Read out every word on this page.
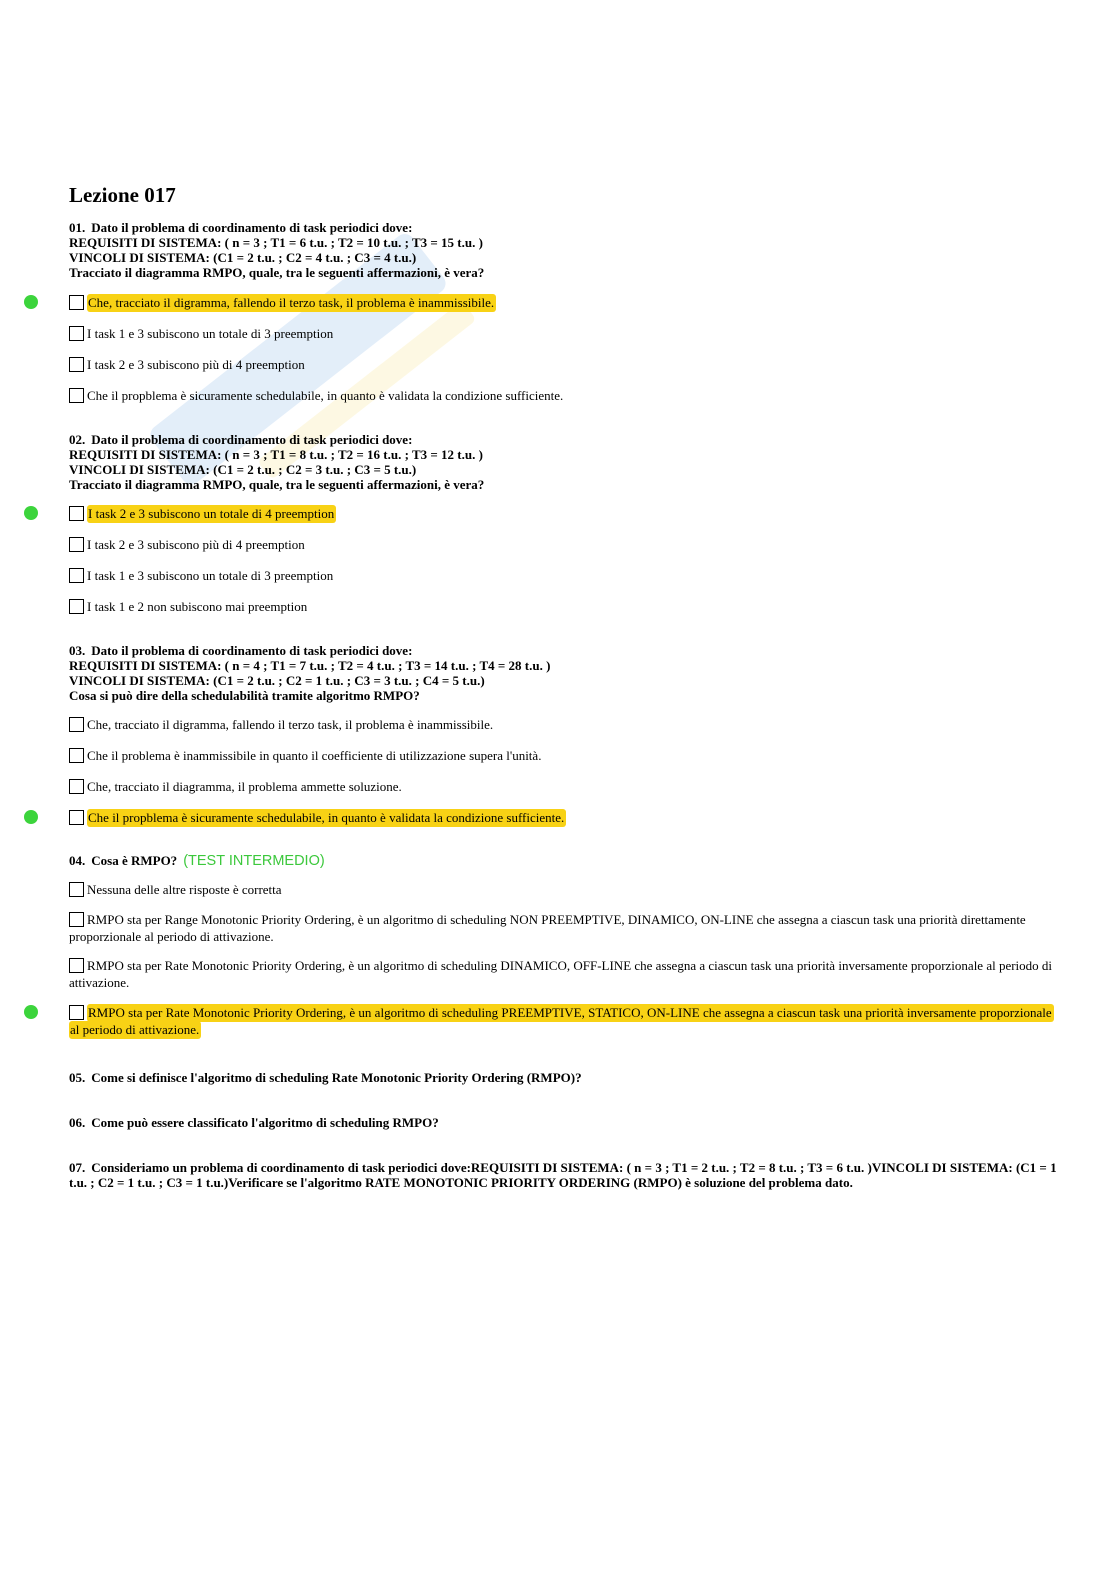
Lezione 017
01. Dato il problema di coordinamento di task periodici dove:
REQUISITI DI SISTEMA: ( n = 3 ; T1 = 6 t.u. ; T2 = 10 t.u. ; T3 = 15 t.u. )
VINCOLI DI SISTEMA: (C1 = 2 t.u. ; C2 = 4 t.u. ; C3 = 4 t.u.)
Tracciato il diagramma RMPO, quale, tra le seguenti affermazioni, è vera?
Che, tracciato il digramma, fallendo il terzo task, il problema è inammissibile.
I task 1 e 3 subiscono un totale di 3 preemption
I task 2 e 3 subiscono più di 4 preemption
Che il propblema è sicuramente schedulabile, in quanto è validata la condizione sufficiente.
02. Dato il problema di coordinamento di task periodici dove:
REQUISITI DI SISTEMA: ( n = 3 ; T1 = 8 t.u. ; T2 = 16 t.u. ; T3 = 12 t.u. )
VINCOLI DI SISTEMA: (C1 = 2 t.u. ; C2 = 3 t.u. ; C3 = 5 t.u.)
Tracciato il diagramma RMPO, quale, tra le seguenti affermazioni, è vera?
I task 2 e 3 subiscono un totale di 4 preemption
I task 2 e 3 subiscono più di 4 preemption
I task 1 e 3 subiscono un totale di 3 preemption
I task 1 e 2 non subiscono mai preemption
03. Dato il problema di coordinamento di task periodici dove:
REQUISITI DI SISTEMA: ( n = 4 ; T1 = 7 t.u. ; T2 = 4 t.u. ; T3 = 14 t.u. ; T4 = 28 t.u. )
VINCOLI DI SISTEMA: (C1 = 2 t.u. ; C2 = 1 t.u. ; C3 = 3 t.u. ; C4 = 5 t.u.)
Cosa si può dire della schedulabilità tramite algoritmo RMPO?
Che, tracciato il digramma, fallendo il terzo task, il problema è inammissibile.
Che il problema è inammissibile in quanto il coefficiente di utilizzazione supera l'unità.
Che, tracciato il diagramma, il problema ammette soluzione.
Che il propblema è sicuramente schedulabile, in quanto è validata la condizione sufficiente.
04. Cosa è RMPO? (TEST INTERMEDIO)
Nessuna delle altre risposte è corretta
RMPO sta per Range Monotonic Priority Ordering, è un algoritmo di scheduling NON PREEMPTIVE, DINAMICO, ON-LINE che assegna a ciascun task una priorità direttamente proporzionale al periodo di attivazione.
RMPO sta per Rate Monotonic Priority Ordering, è un algoritmo di scheduling DINAMICO, OFF-LINE che assegna a ciascun task una priorità inversamente proporzionale al periodo di attivazione.
RMPO sta per Rate Monotonic Priority Ordering, è un algoritmo di scheduling PREEMPTIVE, STATICO, ON-LINE che assegna a ciascun task una priorità inversamente proporzionale al periodo di attivazione.
05. Come si definisce l'algoritmo di scheduling Rate Monotonic Priority Ordering (RMPO)?
06. Come può essere classificato l'algoritmo di scheduling RMPO?
07. Consideriamo un problema di coordinamento di task periodici dove:REQUISITI DI SISTEMA: ( n = 3 ; T1 = 2 t.u. ; T2 = 8 t.u. ; T3 = 6 t.u. )VINCOLI DI SISTEMA: (C1 = 1 t.u. ; C2 = 1 t.u. ; C3 = 1 t.u.)Verificare se l'algoritmo RATE MONOTONIC PRIORITY ORDERING (RMPO) è soluzione del problema dato.
